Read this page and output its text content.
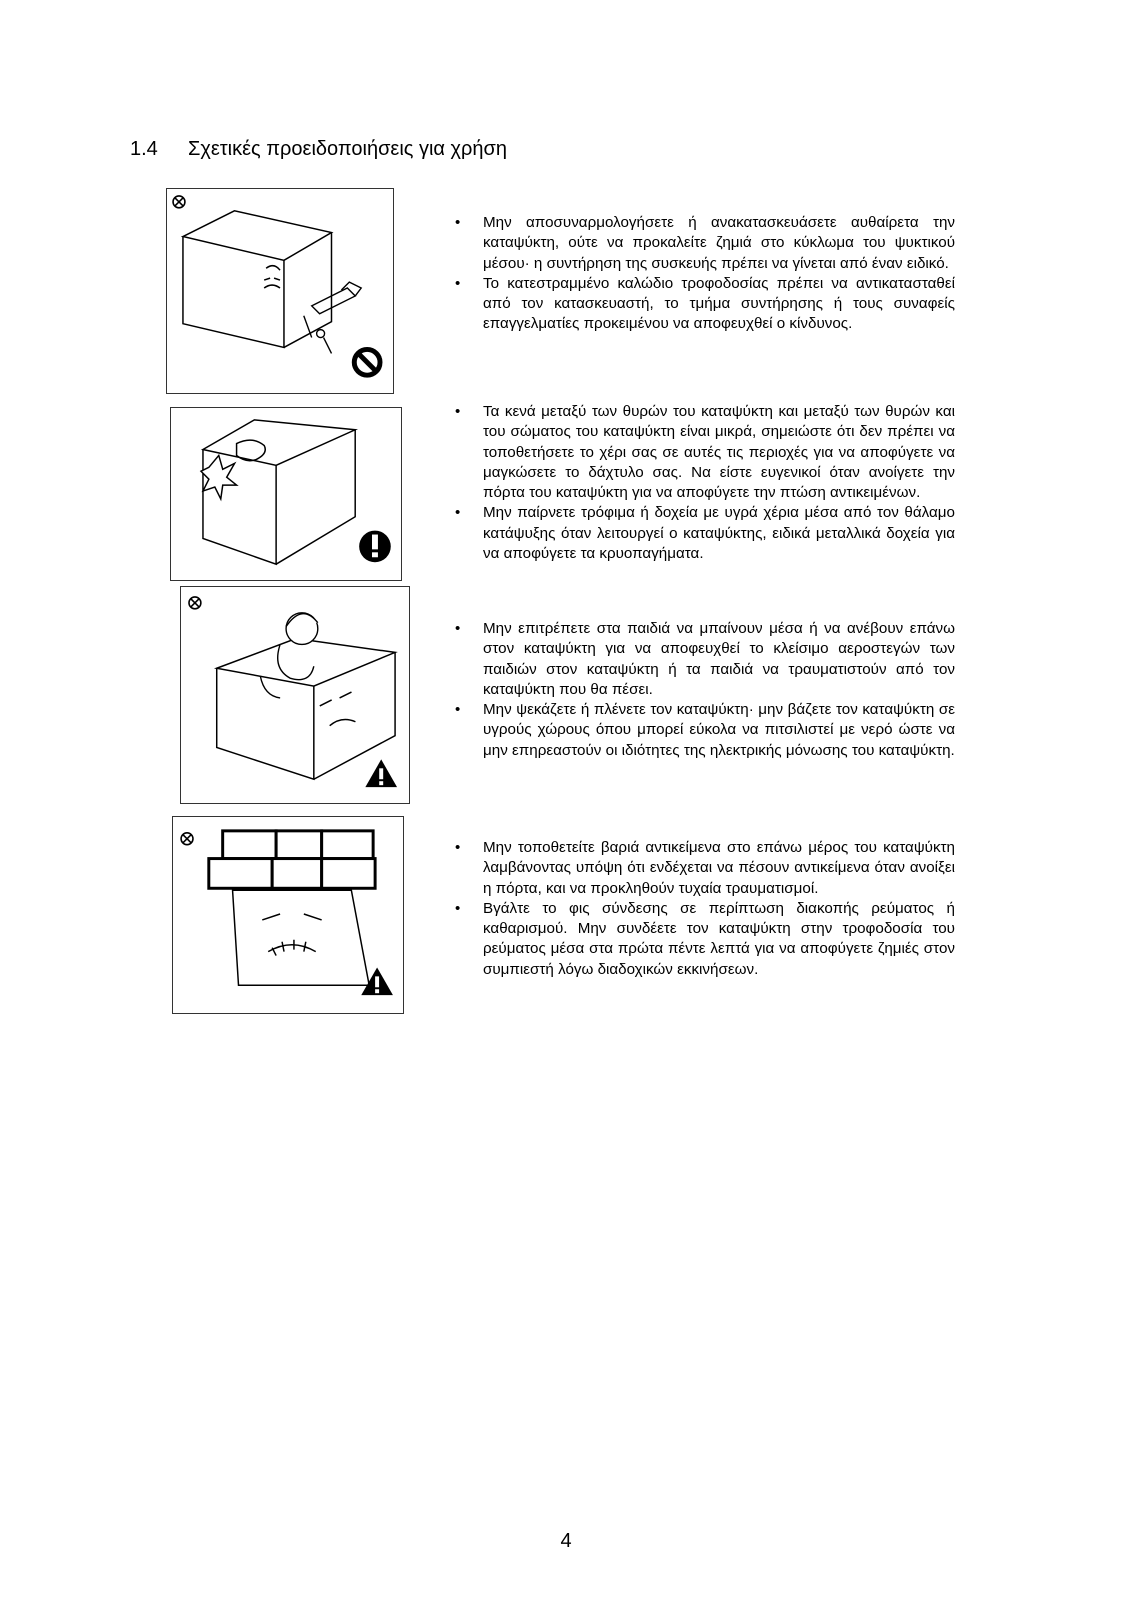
1.4 Σχετικές προειδοποιήσεις για χρήση
• Μην αποσυναρμολογήσετε ή ανακατασκευάσετε αυθαίρετα την καταψύκτη, ούτε να προκαλείτε ζημιά στο κύκλωμα του ψυκτικού μέσου· η συντήρηση της συσκευής πρέπει να γίνεται από έναν ειδικό.
• Το κατεστραμμένο καλώδιο τροφοδοσίας πρέπει να αντικατασταθεί από τον κατασκευαστή, το τμήμα συντήρησης ή τους συναφείς επαγγελματίες προκειμένου να αποφευχθεί ο κίνδυνος.
• Τα κενά μεταξύ των θυρών του καταψύκτη και μεταξύ των θυρών και του σώματος του καταψύκτη είναι μικρά, σημειώστε ότι δεν πρέπει να τοποθετήσετε το χέρι σας σε αυτές τις περιοχές για να αποφύγετε να μαγκώσετε το δάχτυλο σας. Να είστε ευγενικοί όταν ανοίγετε την πόρτα του καταψύκτη για να αποφύγετε την πτώση αντικειμένων.
• Μην παίρνετε τρόφιμα ή δοχεία με υγρά χέρια μέσα από τον θάλαμο κατάψυξης όταν λειτουργεί ο καταψύκτης, ειδικά μεταλλικά δοχεία για να αποφύγετε τα κρυοπαγήματα.
• Μην επιτρέπετε στα παιδιά να μπαίνουν μέσα ή να ανέβουν επάνω στον καταψύκτη για να αποφευχθεί το κλείσιμο αεροστεγών των παιδιών στον καταψύκτη ή τα παιδιά να τραυματιστούν από τον καταψύκτη που θα πέσει.
• Μην ψεκάζετε ή πλένετε τον καταψύκτη· μην βάζετε τον καταψύκτη σε υγρούς χώρους όπου μπορεί εύκολα να πιτσιλιστεί με νερό ώστε να μην επηρεαστούν οι ιδιότητες της ηλεκτρικής μόνωσης του καταψύκτη.
• Μην τοποθετείτε βαριά αντικείμενα στο επάνω μέρος του καταψύκτη λαμβάνοντας υπόψη ότι ενδέχεται να πέσουν αντικείμενα όταν ανοίξει η πόρτα, και να προκληθούν τυχαία τραυματισμοί.
• Βγάλτε το φις σύνδεσης σε περίπτωση διακοπής ρεύματος ή καθαρισμού. Μην συνδέετε τον καταψύκτη στην τροφοδοσία του ρεύματος μέσα στα πρώτα πέντε λεπτά για να αποφύγετε ζημιές στον συμπιεστή λόγω διαδοχικών εκκινήσεων.
4
